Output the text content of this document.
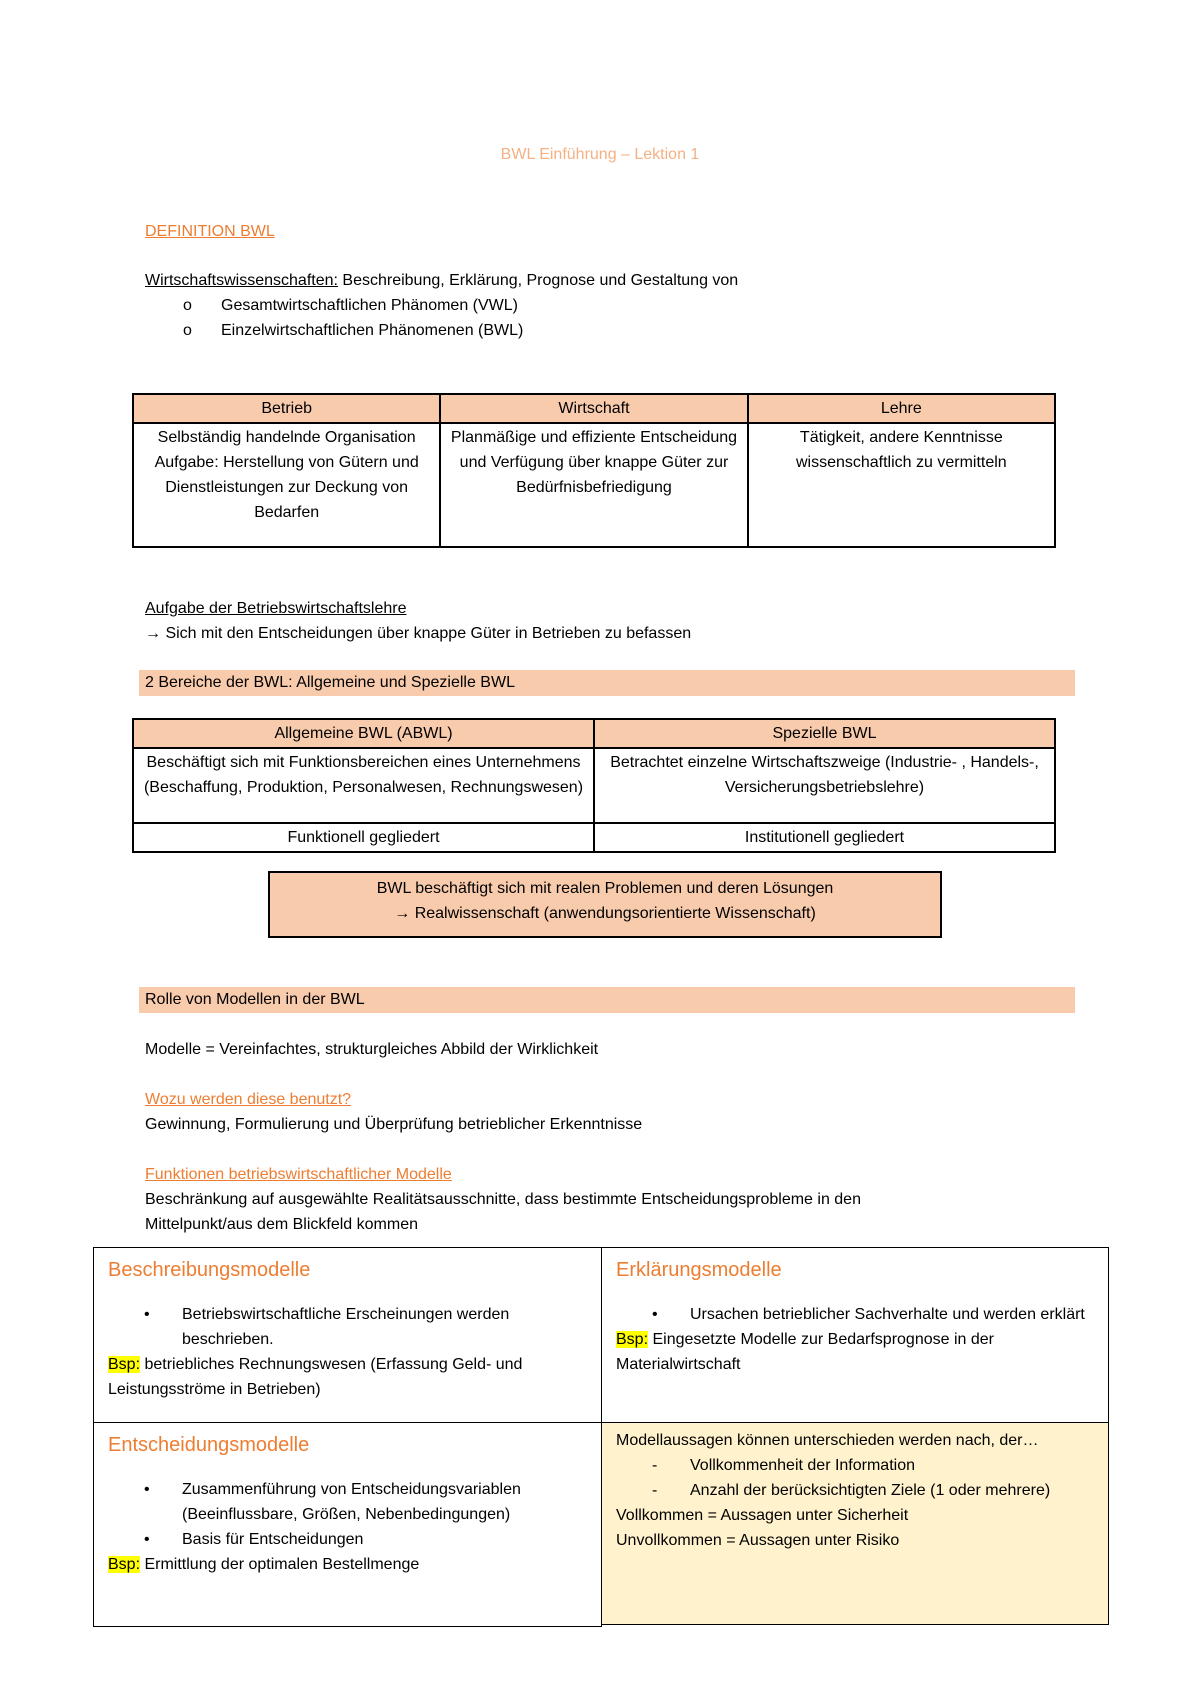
BWL Einführung – Lektion 1
DEFINITION BWL
Wirtschaftswissenschaften: Beschreibung, Erklärung, Prognose und Gestaltung von
o Gesamtwirtschaftlichen Phänomen (VWL)
o Einzelwirtschaftlichen Phänomenen (BWL)
Betrieb	Wirtschaft	Lehre
Selbständig handelnde Organisation
Aufgabe: Herstellung von Gütern und Dienstleistungen zur Deckung von Bedarfen	Planmäßige und effiziente Entscheidung und Verfügung über knappe Güter zur Bedürfnisbefriedigung	Tätigkeit, andere Kenntnisse wissenschaftlich zu vermitteln
Aufgabe der Betriebswirtschaftslehre
→ Sich mit den Entscheidungen über knappe Güter in Betrieben zu befassen
2 Bereiche der BWL: Allgemeine und Spezielle BWL
Allgemeine BWL (ABWL)	Spezielle BWL
Beschäftigt sich mit Funktionsbereichen eines Unternehmens (Beschaffung, Produktion, Personalwesen, Rechnungswesen)	Betrachtet einzelne Wirtschaftszweige (Industrie- , Handels-, Versicherungsbetriebslehre)
Funktionell gegliedert	Institutionell gegliedert
BWL beschäftigt sich mit realen Problemen und deren Lösungen
→ Realwissenschaft (anwendungsorientierte Wissenschaft)
Rolle von Modellen in der BWL
Modelle = Vereinfachtes, strukturgleiches Abbild der Wirklichkeit
Wozu werden diese benutzt?
Gewinnung, Formulierung und Überprüfung betrieblicher Erkenntnisse
Funktionen betriebswirtschaftlicher Modelle
Beschränkung auf ausgewählte Realitätsausschnitte, dass bestimmte Entscheidungsprobleme in den
Mittelpunkt/aus dem Blickfeld kommen
Beschreibungsmodelle
• Betriebswirtschaftliche Erscheinungen werden beschrieben.
Bsp: betriebliches Rechnungswesen (Erfassung Geld- und Leistungsströme in Betrieben)
Erklärungsmodelle
• Ursachen betrieblicher Sachverhalte und werden erklärt
Bsp: Eingesetzte Modelle zur Bedarfsprognose in der Materialwirtschaft
Entscheidungsmodelle
• Zusammenführung von Entscheidungsvariablen (Beeinflussbare, Größen, Nebenbedingungen)
• Basis für Entscheidungen
Bsp: Ermittlung der optimalen Bestellmenge
Modellaussagen können unterschieden werden nach, der…
- Vollkommenheit der Information
- Anzahl der berücksichtigten Ziele (1 oder mehrere)
Vollkommen = Aussagen unter Sicherheit
Unvollkommen = Aussagen unter Risiko
